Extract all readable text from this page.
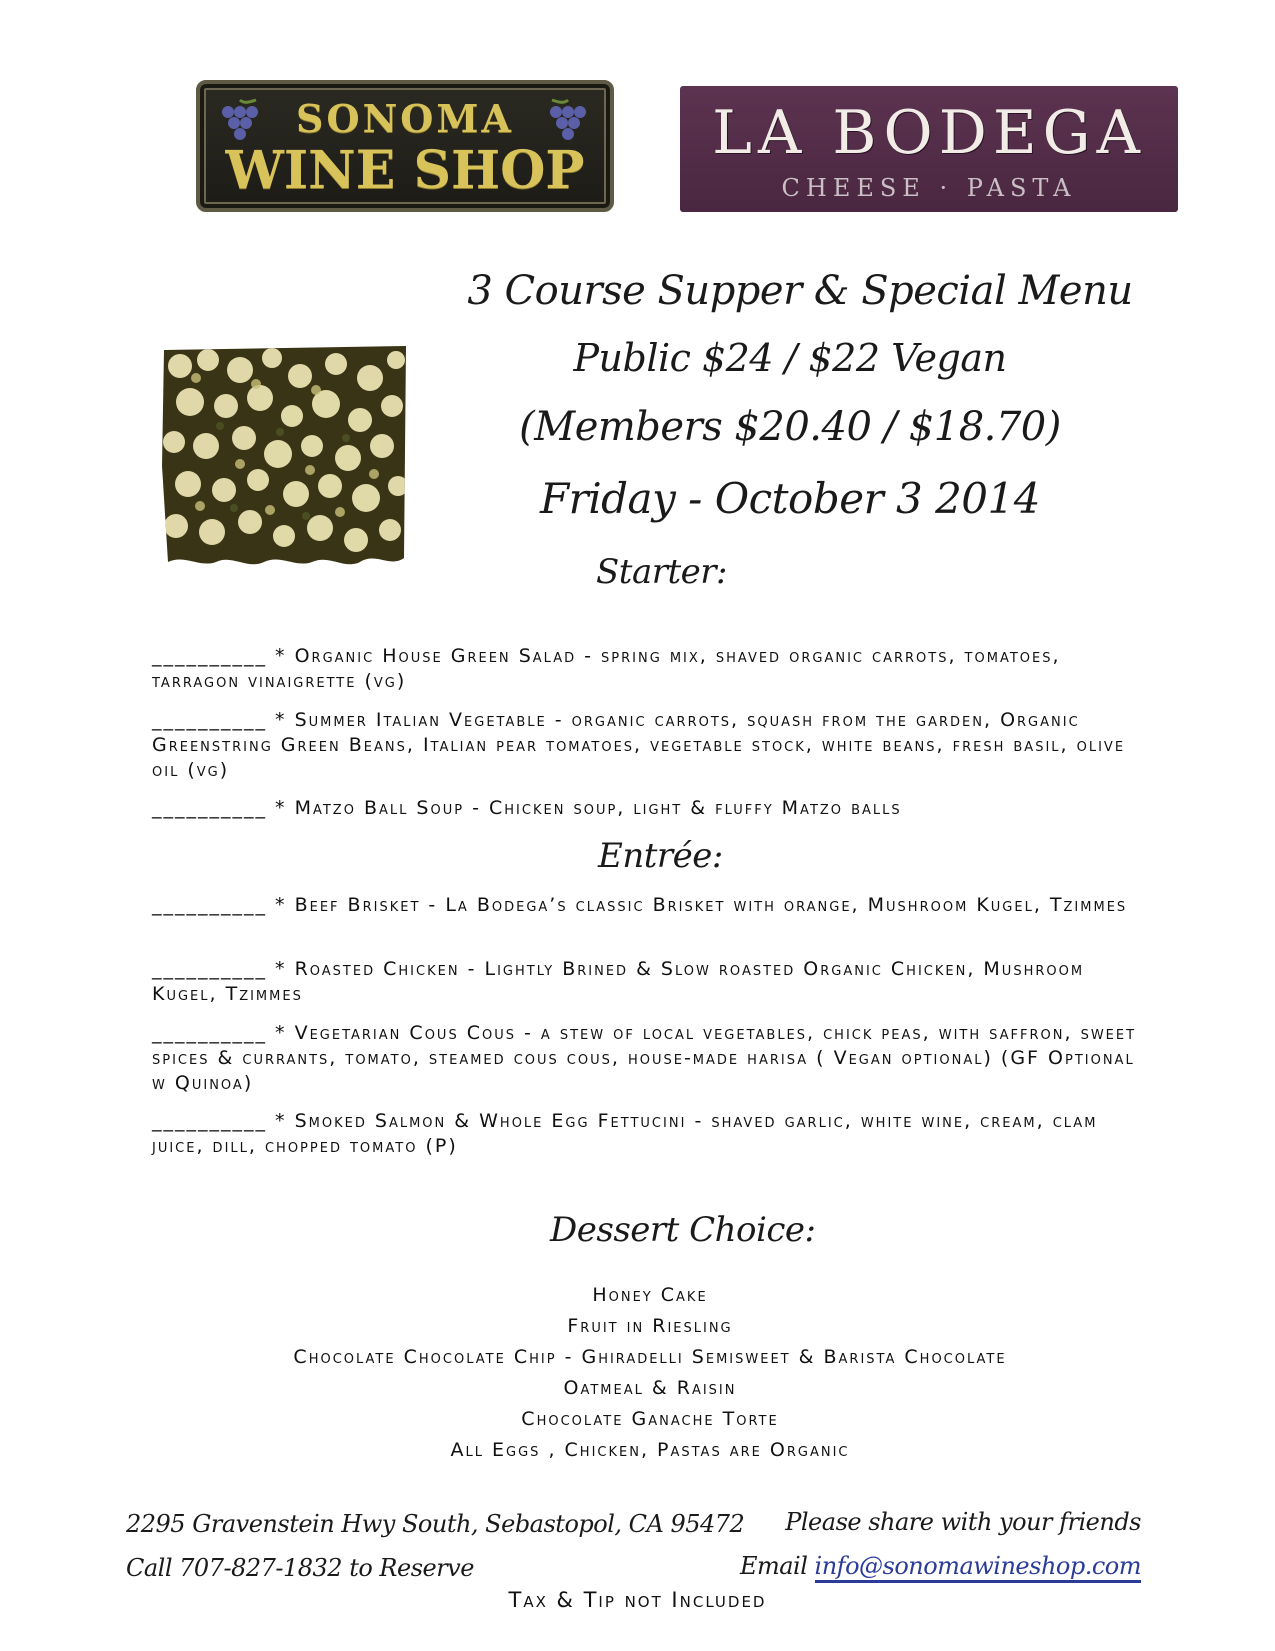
SONOMA
WINE SHOP
LA BODEGA
CHEESE · PASTA
3 Course Supper & Special Menu
Public $24 / $22 Vegan
(Members $20.40 / $18.70)
Friday - October 3 2014
Starter:
__________ * Organic House Green Salad - spring mix, shaved organic carrots, tomatoes, tarragon vinaigrette (vg)
__________ * Summer Italian Vegetable - organic carrots, squash from the garden, Organic Greenstring Green Beans, Italian pear tomatoes, vegetable stock, white beans, fresh basil, olive oil (vg)
__________ * Matzo Ball Soup - Chicken soup, light & fluffy Matzo balls
Entrée:
__________ * Beef Brisket - La Bodega’s classic Brisket with orange, Mushroom Kugel, Tzimmes
__________ * Roasted Chicken - Lightly Brined & Slow roasted Organic Chicken, Mushroom Kugel, Tzimmes
__________ * Vegetarian Cous Cous - a stew of local vegetables, chick peas, with saffron, sweet spices & currants, tomato, steamed cous cous, house-made harisa ( Vegan optional) (GF Optional w Quinoa)
__________ * Smoked Salmon & Whole Egg Fettucini - shaved garlic, white wine, cream, clam juice, dill, chopped tomato (P)
Dessert Choice:
Honey Cake
Fruit in Riesling
Chocolate Chocolate Chip - Ghiradelli Semisweet & Barista Chocolate
Oatmeal & Raisin
Chocolate Ganache Torte
All Eggs , Chicken, Pastas are Organic
2295 Gravenstein Hwy South, Sebastopol, CA 95472
Call 707-827-1832 to Reserve
Please share with your friends
Email info@sonomawineshop.com
Tax & Tip not Included
